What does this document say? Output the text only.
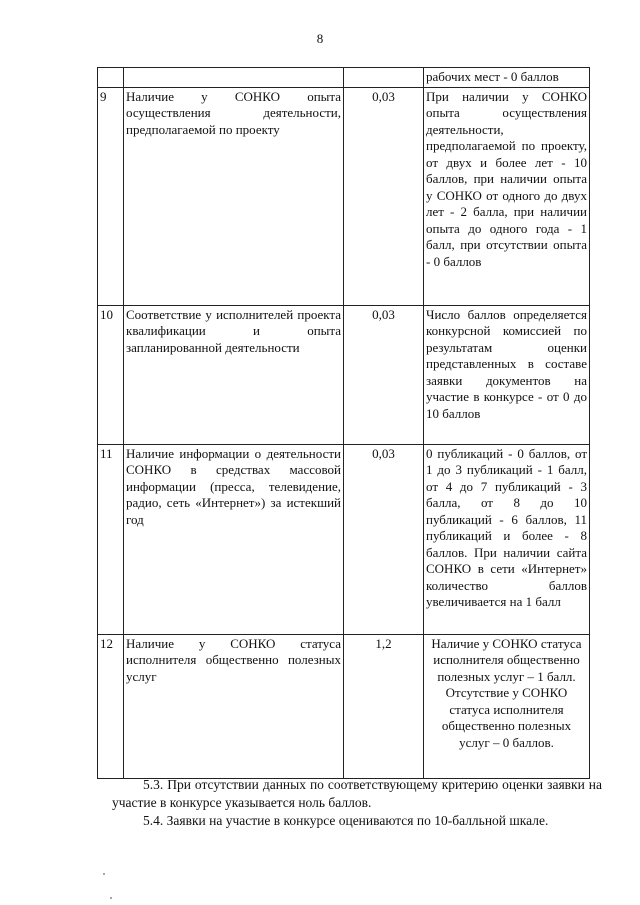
8
			рабочих мест - 0 баллов
9	Наличие у СОНКО опыта осуществления деятельности, предполагаемой по проекту	0,03	При наличии у СОНКО опыта осуществления деятельности, предполагаемой по проекту, от двух и более лет - 10 баллов, при наличии опыта у СОНКО от одного до двух лет - 2 балла, при наличии опыта до одного года - 1 балл, при отсутствии опыта - 0 баллов
10	Соответствие у исполнителей проекта квалификации и опыта запланированной деятельности	0,03	Число баллов определяется конкурсной комиссией по результатам оценки представленных в составе заявки документов на участие в конкурсе - от 0 до 10 баллов
11	Наличие информации о деятельности СОНКО в средствах массовой информации (пресса, телевидение, радио, сеть «Интернет») за истекший год	0,03	0 публикаций - 0 баллов, от 1 до 3 публикаций - 1 балл, от 4 до 7 публикаций - 3 балла, от 8 до 10 публикаций - 6 баллов, 11 публикаций и более - 8 баллов. При наличии сайта СОНКО в сети «Интернет» количество баллов увеличивается на 1 балл
12	Наличие у СОНКО статуса исполнителя общественно полезных услуг	1,2	Наличие у СОНКО статуса исполнителя общественно полезных услуг – 1 балл. Отсутствие у СОНКО статуса исполнителя общественно полезных услуг – 0 баллов.
5.3. При отсутствии данных по соответствующему критерию оценки заявки на участие в конкурсе указывается ноль баллов.
5.4. Заявки на участие в конкурсе оцениваются по 10-балльной шкале.
